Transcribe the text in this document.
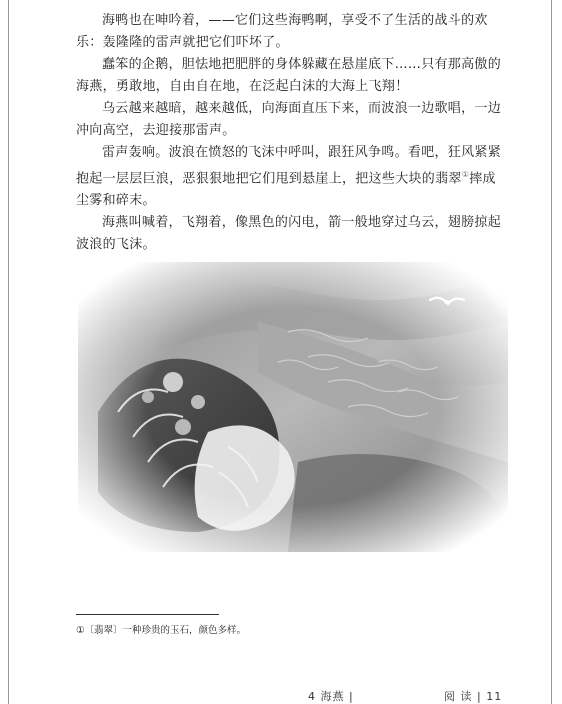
海鸭也在呻吟着，——它们这些海鸭啊，享受不了生活的战斗的欢乐：轰隆隆的雷声就把它们吓坏了。

蠢笨的企鹅，胆怯地把肥胖的身体躲藏在悬崖底下……只有那高傲的海燕，勇敢地，自由自在地，在泛起白沫的大海上飞翔！

乌云越来越暗，越来越低，向海面直压下来，而波浪一边歌唱，一边冲向高空，去迎接那雷声。

雷声轰响。波浪在愤怒的飞沫中呼叫，跟狂风争鸣。看吧，狂风紧紧抱起一层层巨浪，恶狠狠地把它们甩到悬崖上，把这些大块的翡翠①摔成尘雾和碎末。

海燕叫喊着，飞翔着，像黑色的闪电，箭一般地穿过乌云，翅膀掠起波浪的飞沫。

①〔翡翠〕一种珍贵的玉石，颜色多样。
4 海燕 |	阅 读 | 11
